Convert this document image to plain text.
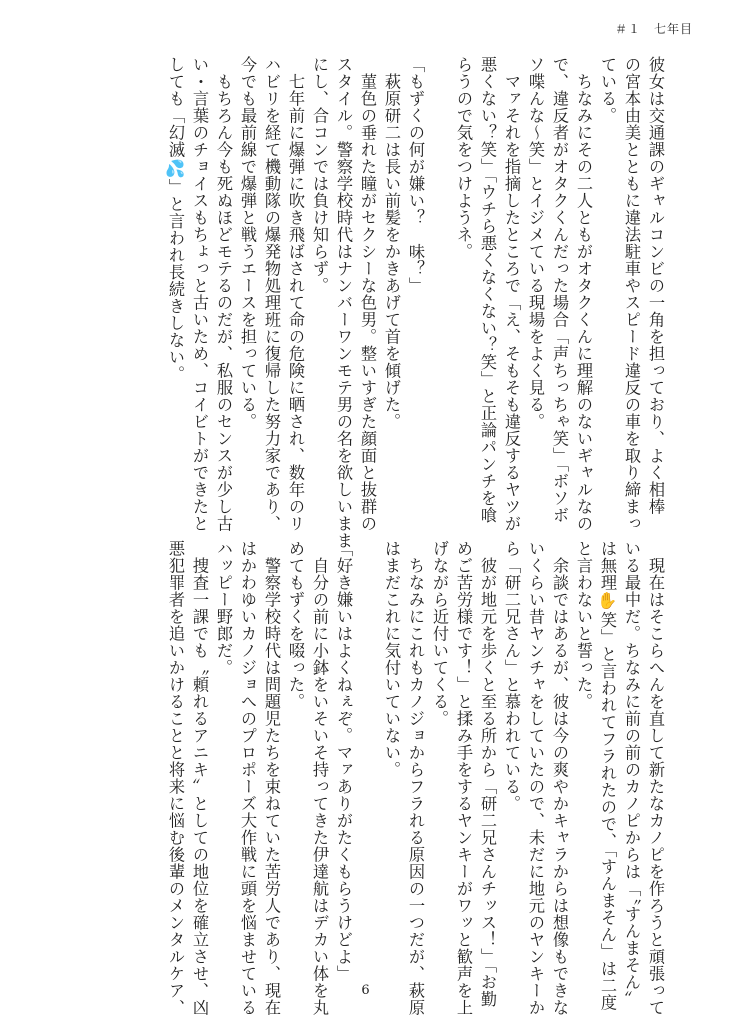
＃１　七年目
彼女は交通課のギャルコンビの一角を担っており、よく相棒
の宮本由美とともに違法駐車やスピード違反の車を取り締まっ
ている。
　ちなみにその二人ともがオタクくんに理解のないギャルなの
で、違反者がオタクくんだった場合「声ちっちゃ笑」「ボソボ
ソ喋んな〜笑」とイジメている現場をよく見る。
　マァそれを指摘したところで「え、そもそも違反するヤツが
悪くない？笑」「ウチら悪くなくない？笑」と正論パンチを喰
らうので気をつけようネ。

「もずくの何が嫌い？　味？」
　萩原研二は長い前髪をかきあげて首を傾げた。
　菫色の垂れた瞳がセクシーな色男。整いすぎた顔面と抜群の
スタイル。警察学校時代はナンバーワンモテ男の名を欲しいまま
にし、合コンでは負け知らず。
　七年前に爆弾に吹き飛ばされて命の危険に晒され、数年のリ
ハビリを経て機動隊の爆発物処理班に復帰した努力家であり、
今でも最前線で爆弾と戦うエースを担っている。
　もちろん今も死ぬほどモテるのだが、私服のセンスが少し古
い・言葉のチョイスもちょっと古いため、コイビトができたと
しても「幻滅💦」と言われ長続きしない。
　現在はそこらへんを直して新たなカノピを作ろうと頑張って
いる最中だ。ちなみに前の前のカノピからは「〝すんまそん〟
は無理✋笑」と言われてフラれたので、「すんまそん」は二度
と言わないと誓った。
　余談ではあるが、彼は今の爽やかキャラからは想像もできな
いくらい昔ヤンチャをしていたので、未だに地元のヤンキーか
ら「研二兄さん」と慕われている。
　彼が地元を歩くと至る所から「研二兄さんチッス！」「お勤
めご苦労様です！」と揉み手をするヤンキーがワッと歓声を上
げながら近付いてくる。
　ちなみにこれもカノジョからフラれる原因の一つだが、萩原
はまだこれに気付いていない。

「好き嫌いはよくねぇぞ。マァありがたくもらうけどよ」
　自分の前に小鉢をいそいそ持ってきた伊達航はデカい体を丸
めてもずくを啜った。
　警察学校時代は問題児たちを束ねていた苦労人であり、現在
はかわゆいカノジョへのプロポーズ大作戦に頭を悩ませている
ハッピー野郎だ。
　捜査一課でも〝頼れるアニキ〟としての地位を確立させ、凶
悪犯罪者を追いかけることと将来に悩む後輩のメンタルケア、	6
